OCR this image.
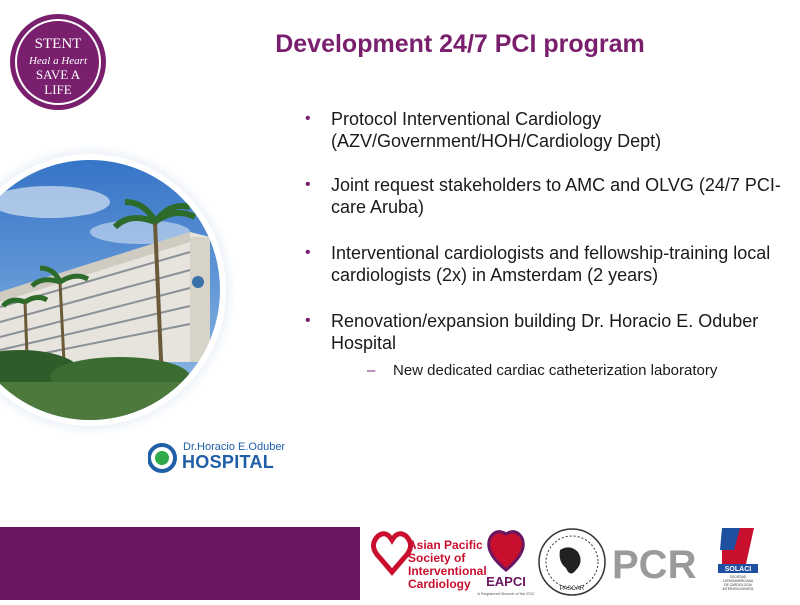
STENT
Heal a Heart
SAVE A
LIFE
Development 24/7 PCI program
Dr.Horacio E.Oduber
HOSPITAL
• Protocol Interventional Cardiology (AZV/Government/HOH/Cardiology Dept)
• Joint request stakeholders to AMC and OLVG (24/7 PCI-care Aruba)
• Interventional cardiologists and fellowship-training local cardiologists (2x) in Amsterdam (2 years)
• Renovation/expansion building Dr. Horacio E. Oduber Hospital
– New dedicated cardiac catheterization laboratory
Asian Pacific
Society of
Interventional
Cardiology EAPCI
A Registered Branch of the ESC
PASCAR
PCR	SOLACI
SOCIEDAD
LATINOAMERICANA
DE CARDIOLOGIA
INTERVENCIONISTA
